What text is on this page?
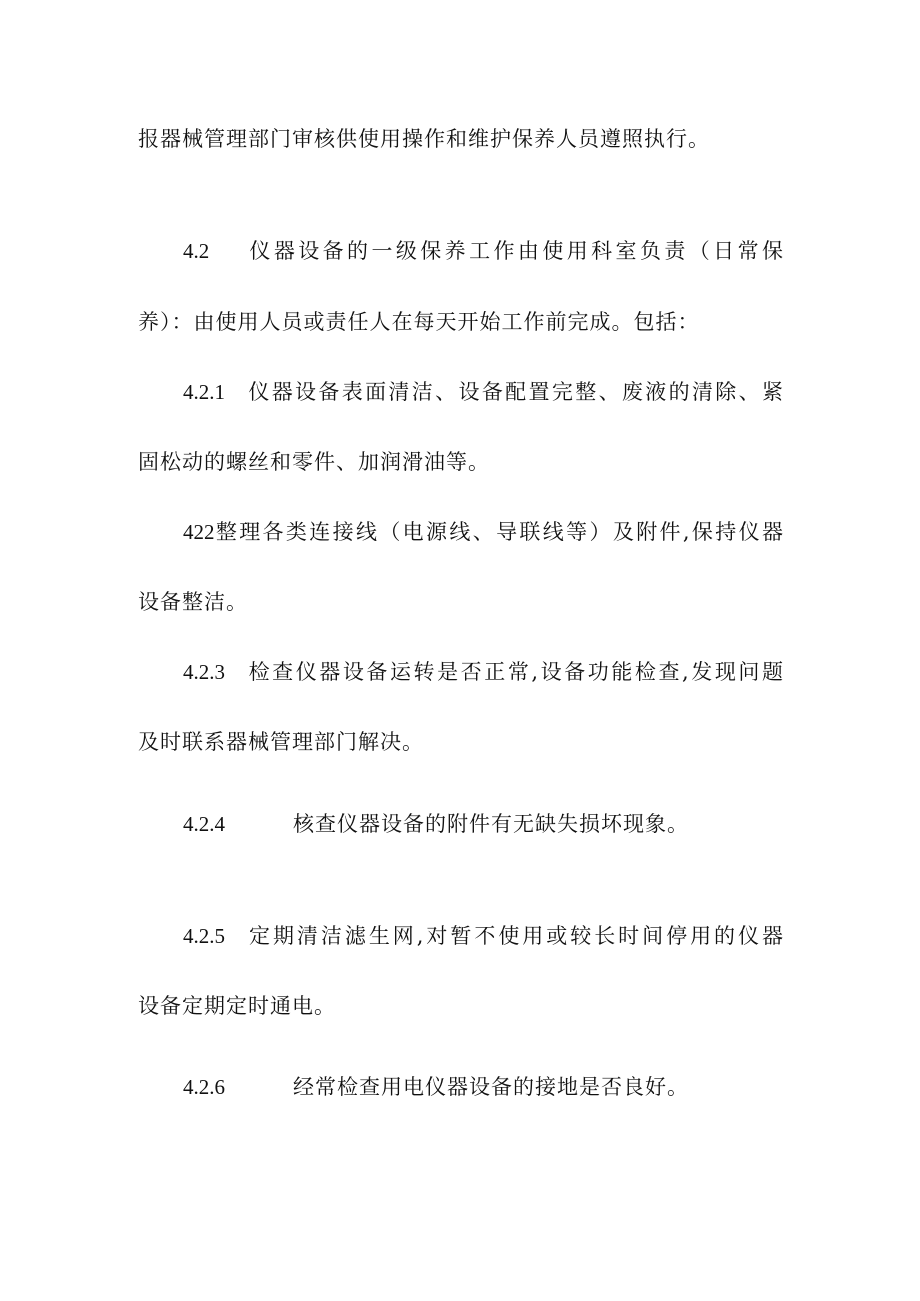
报器械管理部门审核供使用操作和维护保养人员遵照执行。
4.2 仪器设备的一级保养工作由使用科室负责（日常保
养）：由使用人员或责任人在每天开始工作前完成。包括：
4.2.1 仪器设备表面清洁、设备配置完整、废液的清除、紧
固松动的螺丝和零件、加润滑油等。
422整理各类连接线（电源线、导联线等）及附件,保持仪器
设备整洁。
4.2.3 检查仪器设备运转是否正常,设备功能检查,发现问题
及时联系器械管理部门解决。
4.2.4	核查仪器设备的附件有无缺失损坏现象。
4.2.5 定期清洁滤生网,对暂不使用或较长时间停用的仪器
设备定期定时通电。
4.2.6	经常检查用电仪器设备的接地是否良好。
